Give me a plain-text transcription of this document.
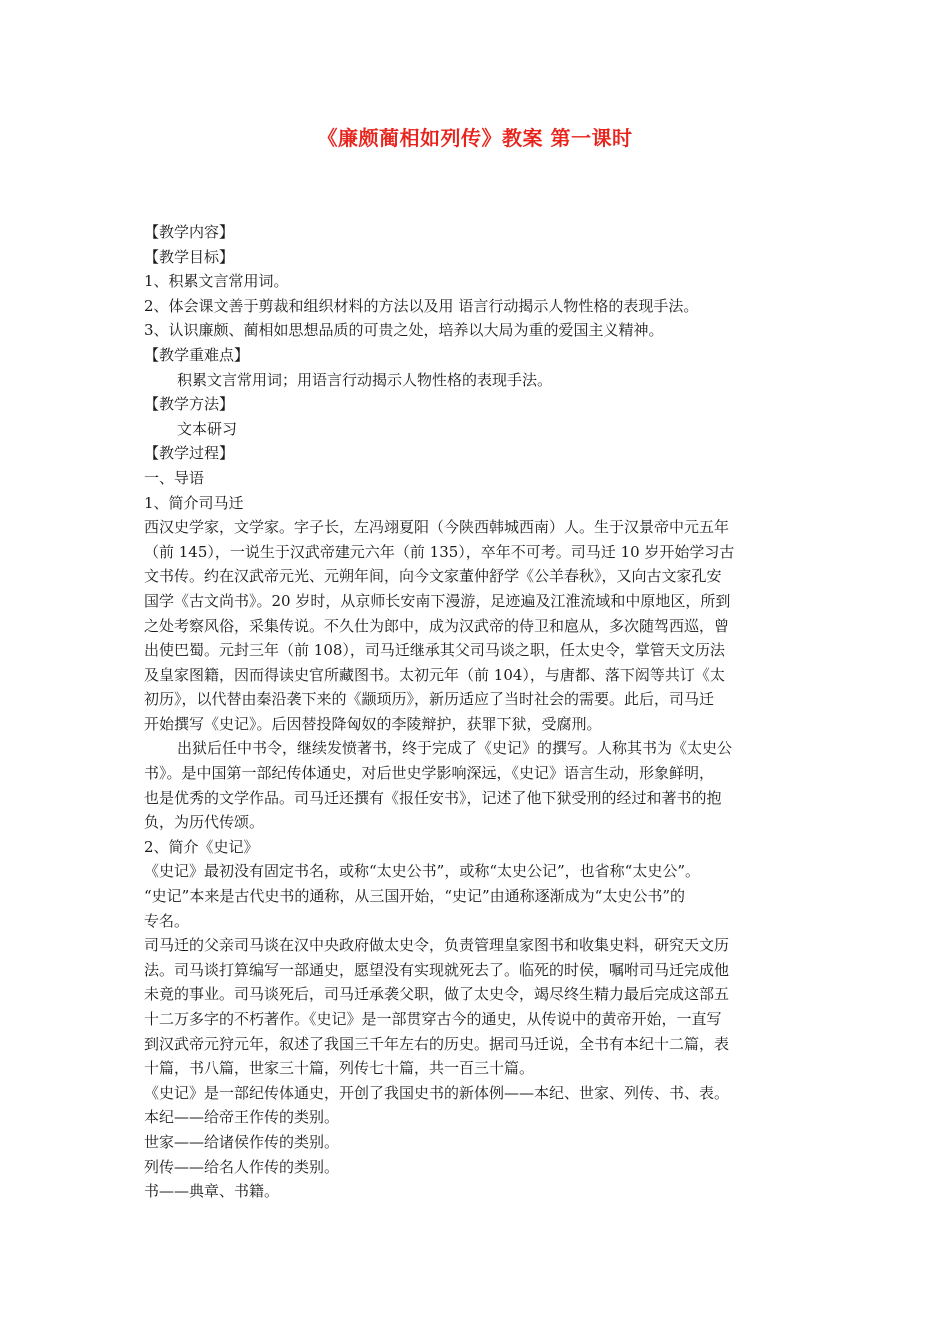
《廉颇蔺相如列传》教案 第一课时

【教学内容】

【教学目标】

1、积累文言常用词。

2、体会课文善于剪裁和组织材料的方法以及用 语言行动揭示人物性格的表现手法。

3、认识廉颇、蔺相如思想品质的可贵之处，培养以大局为重的爱国主义精神。

【教学重难点】

积累文言常用词；用语言行动揭示人物性格的表现手法。

【教学方法】

文本研习

【教学过程】

一、导语

1、简介司马迁

西汉史学家，文学家。字子长，左冯翊夏阳（今陕西韩城西南）人。生于汉景帝中元五年

（前 145），一说生于汉武帝建元六年（前 135），卒年不可考。司马迁 10 岁开始学习古

文书传。约在汉武帝元光、元朔年间，向今文家董仲舒学《公羊春秋》，又向古文家孔安

国学《古文尚书》。20 岁时，从京师长安南下漫游，足迹遍及江淮流域和中原地区，所到

之处考察风俗，采集传说。不久仕为郎中，成为汉武帝的侍卫和扈从，多次随驾西巡，曾

出使巴蜀。元封三年（前 108），司马迁继承其父司马谈之职，任太史令，掌管天文历法

及皇家图籍，因而得读史官所藏图书。太初元年（前 104），与唐都、落下闳等共订《太

初历》，以代替由秦沿袭下来的《颛顼历》，新历适应了当时社会的需要。此后，司马迁

开始撰写《史记》。后因替投降匈奴的李陵辩护，获罪下狱，受腐刑。

出狱后任中书令，继续发愤著书，终于完成了《史记》的撰写。人称其书为《太史公

书》。是中国第一部纪传体通史，对后世史学影响深远，《史记》语言生动，形象鲜明，

也是优秀的文学作品。司马迁还撰有《报任安书》，记述了他下狱受刑的经过和著书的抱

负，为历代传颂。

2、简介《史记》

《史记》最初没有固定书名，或称“太史公书”，或称“太史公记”，也省称“太史公”。

“史记”本来是古代史书的通称，从三国开始，“史记”由通称逐渐成为“太史公书”的

专名。

司马迁的父亲司马谈在汉中央政府做太史令，负责管理皇家图书和收集史料，研究天文历

法。司马谈打算编写一部通史，愿望没有实现就死去了。临死的时侯，嘱咐司马迁完成他

未竟的事业。司马谈死后，司马迁承袭父职，做了太史令，竭尽终生精力最后完成这部五

十二万多字的不朽著作。《史记》是一部贯穿古今的通史，从传说中的黄帝开始，一直写

到汉武帝元狩元年，叙述了我国三千年左右的历史。据司马迁说，全书有本纪十二篇，表

十篇，书八篇，世家三十篇，列传七十篇，共一百三十篇。

《史记》是一部纪传体通史，开创了我国史书的新体例——本纪、世家、列传、书、表。

本纪——给帝王作传的类别。

世家——给诸侯作传的类别。

列传——给名人作传的类别。

书——典章、书籍。
